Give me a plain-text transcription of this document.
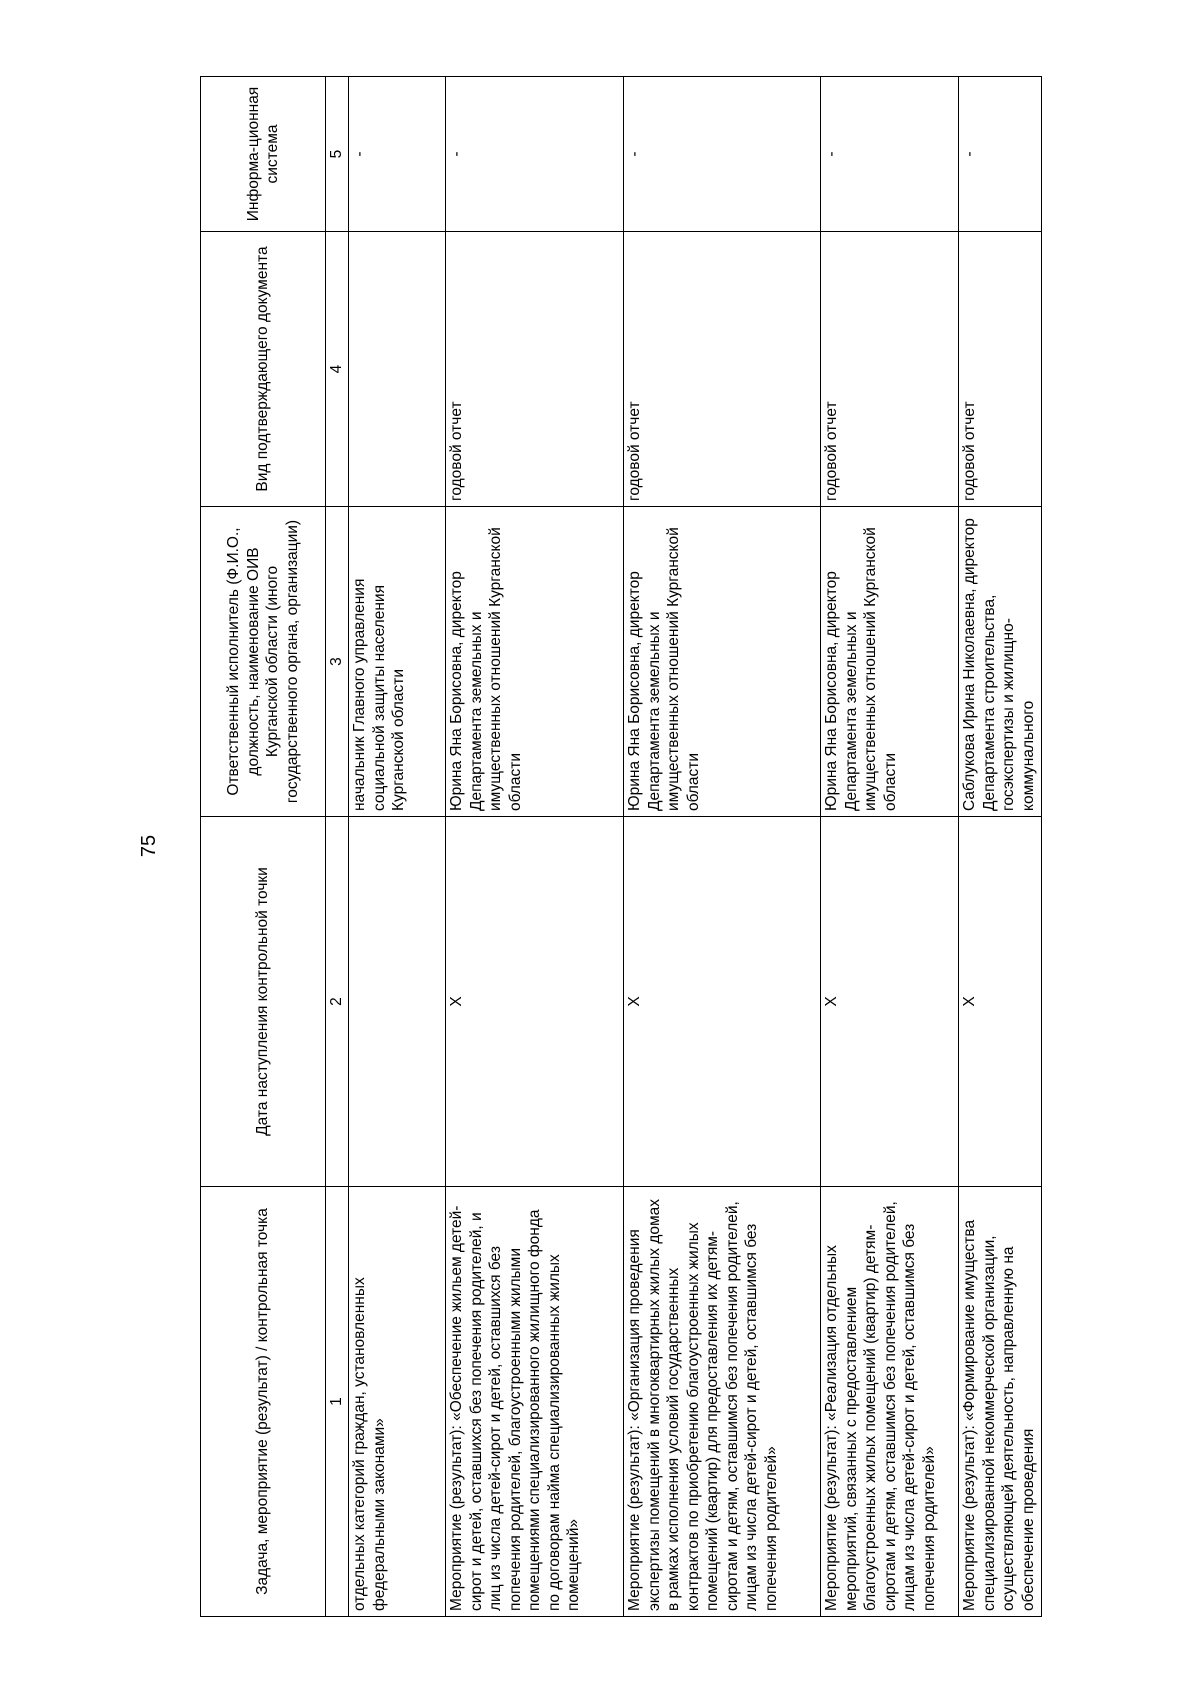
75
Задача, мероприятие (результат) / контрольная точка	Дата наступления контрольной точки	Ответственный исполнитель (Ф.И.О., должность, наименование ОИВ Курганской области (иного государственного органа, организации)	Вид подтверждающего документа	Информа-ционная система
1	2	3	4	5
отдельных категорий граждан, установленных федеральными законами»		начальник Главного управления социальной защиты населения Курганской области		-
Мероприятие (результат): «Обеспечение жильем детей-сирот и детей, оставшихся без попечения родителей, и лиц из числа детей-сирот и детей, оставшихся без попечения родителей, благоустроенными жилыми помещениями специализированного жилищного фонда по договорам найма специализированных жилых помещений»	Х	Юрина Яна Борисовна, директор Департамента земельных и имущественных отношений Курганской области	годовой отчет	-
Мероприятие (результат): «Организация проведения экспертизы помещений в многоквартирных жилых домах в рамках исполнения условий государственных контрактов по приобретению благоустроенных жилых помещений (квартир) для предоставления их детям-сиротам и детям, оставшимся без попечения родителей, лицам из числа детей-сирот и детей, оставшимся без попечения родителей»	Х	Юрина Яна Борисовна, директор Департамента земельных и имущественных отношений Курганской области	годовой отчет	-
Мероприятие (результат): «Реализация отдельных мероприятий, связанных с предоставлением благоустроенных жилых помещений (квартир) детям-сиротам и детям, оставшимся без попечения родителей, лицам из числа детей-сирот и детей, оставшимся без попечения родителей»	Х	Юрина Яна Борисовна, директор Департамента земельных и имущественных отношений Курганской области	годовой отчет	-
Мероприятие (результат): «Формирование имущества специализированной некоммерческой организации, осуществляющей деятельность, направленную на обеспечение проведения	Х	Саблукова Ирина Николаевна, директор Департамента строительства, госэкспертизы и жилищно-коммунального	годовой отчет	-
